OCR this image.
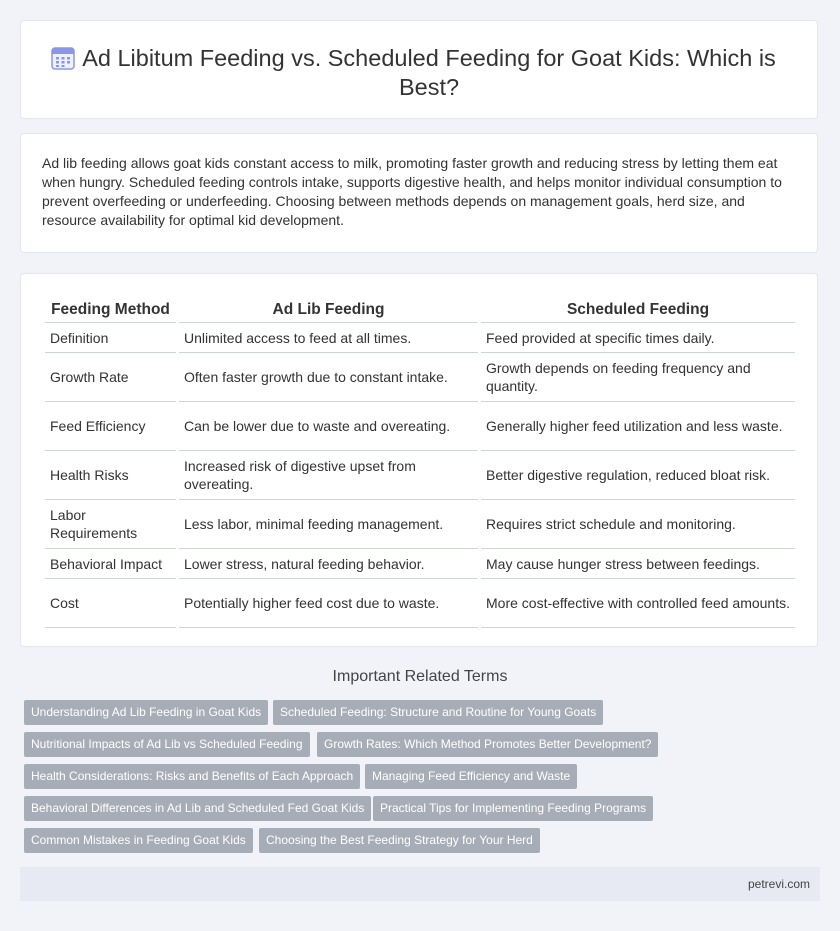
Ad Libitum Feeding vs. Scheduled Feeding for Goat Kids: Which is Best?

Ad lib feeding allows goat kids constant access to milk, promoting faster growth and reducing stress by letting them eat when hungry. Scheduled feeding controls intake, supports digestive health, and helps monitor individual consumption to prevent overfeeding or underfeeding. Choosing between methods depends on management goals, herd size, and resource availability for optimal kid development.

Feeding Method	Ad Lib Feeding	Scheduled Feeding
Definition	Unlimited access to feed at all times.	Feed provided at specific times daily.
Growth Rate	Often faster growth due to constant intake.	Growth depends on feeding frequency and quantity.
Feed Efficiency	Can be lower due to waste and overeating.	Generally higher feed utilization and less waste.
Health Risks	Increased risk of digestive upset from overeating.	Better digestive regulation, reduced bloat risk.
Labor Requirements	Less labor, minimal feeding management.	Requires strict schedule and monitoring.
Behavioral Impact	Lower stress, natural feeding behavior.	May cause hunger stress between feedings.
Cost	Potentially higher feed cost due to waste.	More cost-effective with controlled feed amounts.
Important Related Terms
Understanding Ad Lib Feeding in Goat Kids	Scheduled Feeding: Structure and Routine for Young Goats
Nutritional Impacts of Ad Lib vs Scheduled Feeding	Growth Rates: Which Method Promotes Better Development?
Health Considerations: Risks and Benefits of Each Approach	Managing Feed Efficiency and Waste
Behavioral Differences in Ad Lib and Scheduled Fed Goat Kids	Practical Tips for Implementing Feeding Programs
Common Mistakes in Feeding Goat Kids	Choosing the Best Feeding Strategy for Your Herd
petrevi.com
